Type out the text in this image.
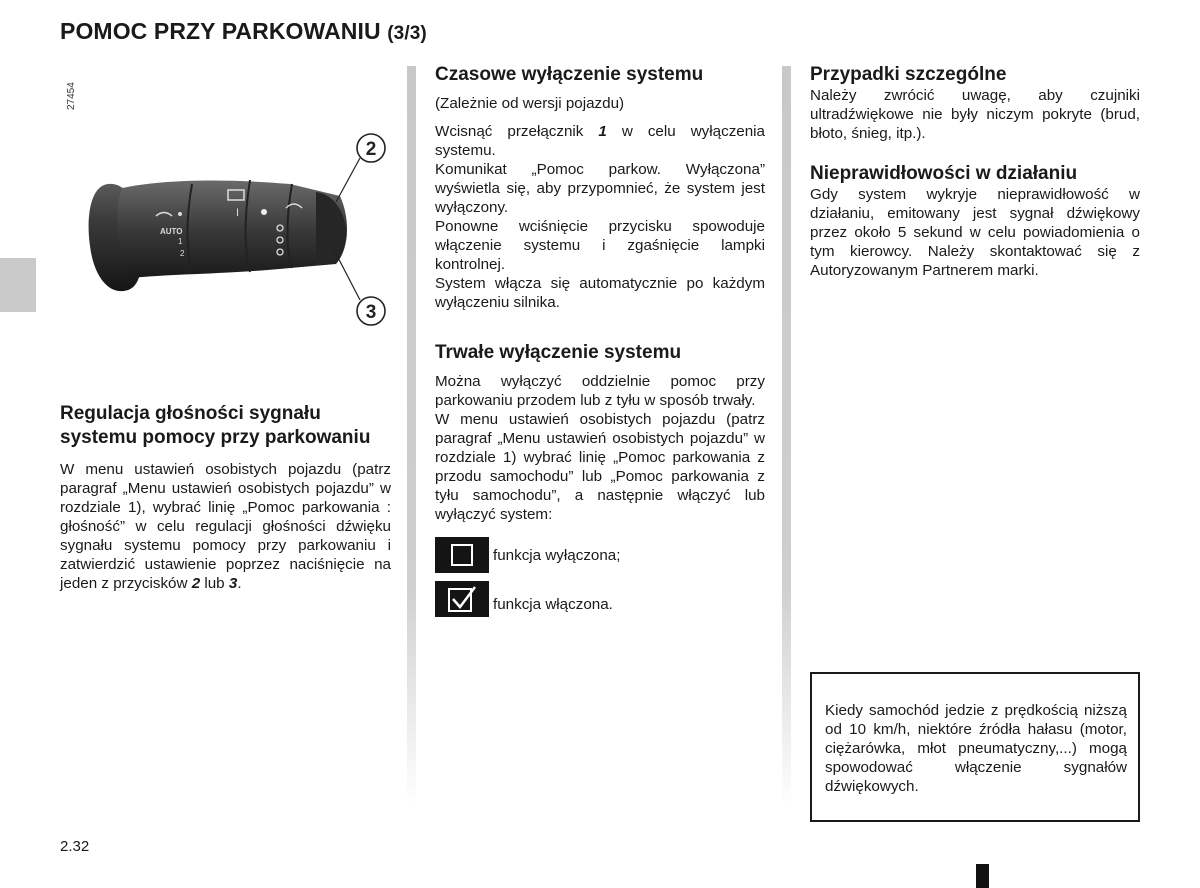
POMOC PRZY PARKOWANIU (3/3)
27454
I
AUTO
1
2
2
3
Regulacja głośności sygnału systemu pomocy przy parkowaniu

W menu ustawień osobistych pojazdu (patrz paragraf „Menu ustawień osobistych pojazdu” w rozdziale 1), wybrać linię „Pomoc parkowania : głośność” w celu regulacji głośności dźwięku sygnału systemu pomocy przy parkowaniu i zatwierdzić ustawienie poprzez naciśnięcie na jeden z przycisków 2 lub 3.

Czasowe wyłączenie systemu

(Zależnie od wersji pojazdu)

Wcisnąć przełącznik 1 w celu wyłączenia systemu.

Komunikat „Pomoc parkow. Wyłączona” wyświetla się, aby przypomnieć, że system jest wyłączony.

Ponowne wciśnięcie przycisku spowoduje włączenie systemu i zgaśnięcie lampki kontrolnej.

System włącza się automatycznie po każdym wyłączeniu silnika.

Trwałe wyłączenie systemu

Można wyłączyć oddzielnie pomoc przy parkowaniu przodem lub z tyłu w sposób trwały.

W menu ustawień osobistych pojazdu (patrz paragraf „Menu ustawień osobistych pojazdu” w rozdziale 1) wybrać linię „Pomoc parkowania z przodu samochodu” lub „Pomoc parkowania z tyłu samochodu”, a następnie włączyć lub wyłączyć system:

funkcja wyłączona;
funkcja włączona.
Przypadki szczególne

Należy zwrócić uwagę, aby czujniki ultradźwiękowe nie były niczym pokryte (brud, błoto, śnieg, itp.).

Nieprawidłowości w działaniu

Gdy system wykryje nieprawidłowość w działaniu, emitowany jest sygnał dźwiękowy przez około 5 sekund w celu powiadomienia o tym kierowcy. Należy skontaktować się z Autoryzowanym Partnerem marki.

Kiedy samochód jedzie z prędkością niższą od 10 km/h, niektóre źródła hałasu (motor, ciężarówka, młot pneumatyczny,...) mogą spowodować włączenie sygnałów dźwiękowych.

2.32
